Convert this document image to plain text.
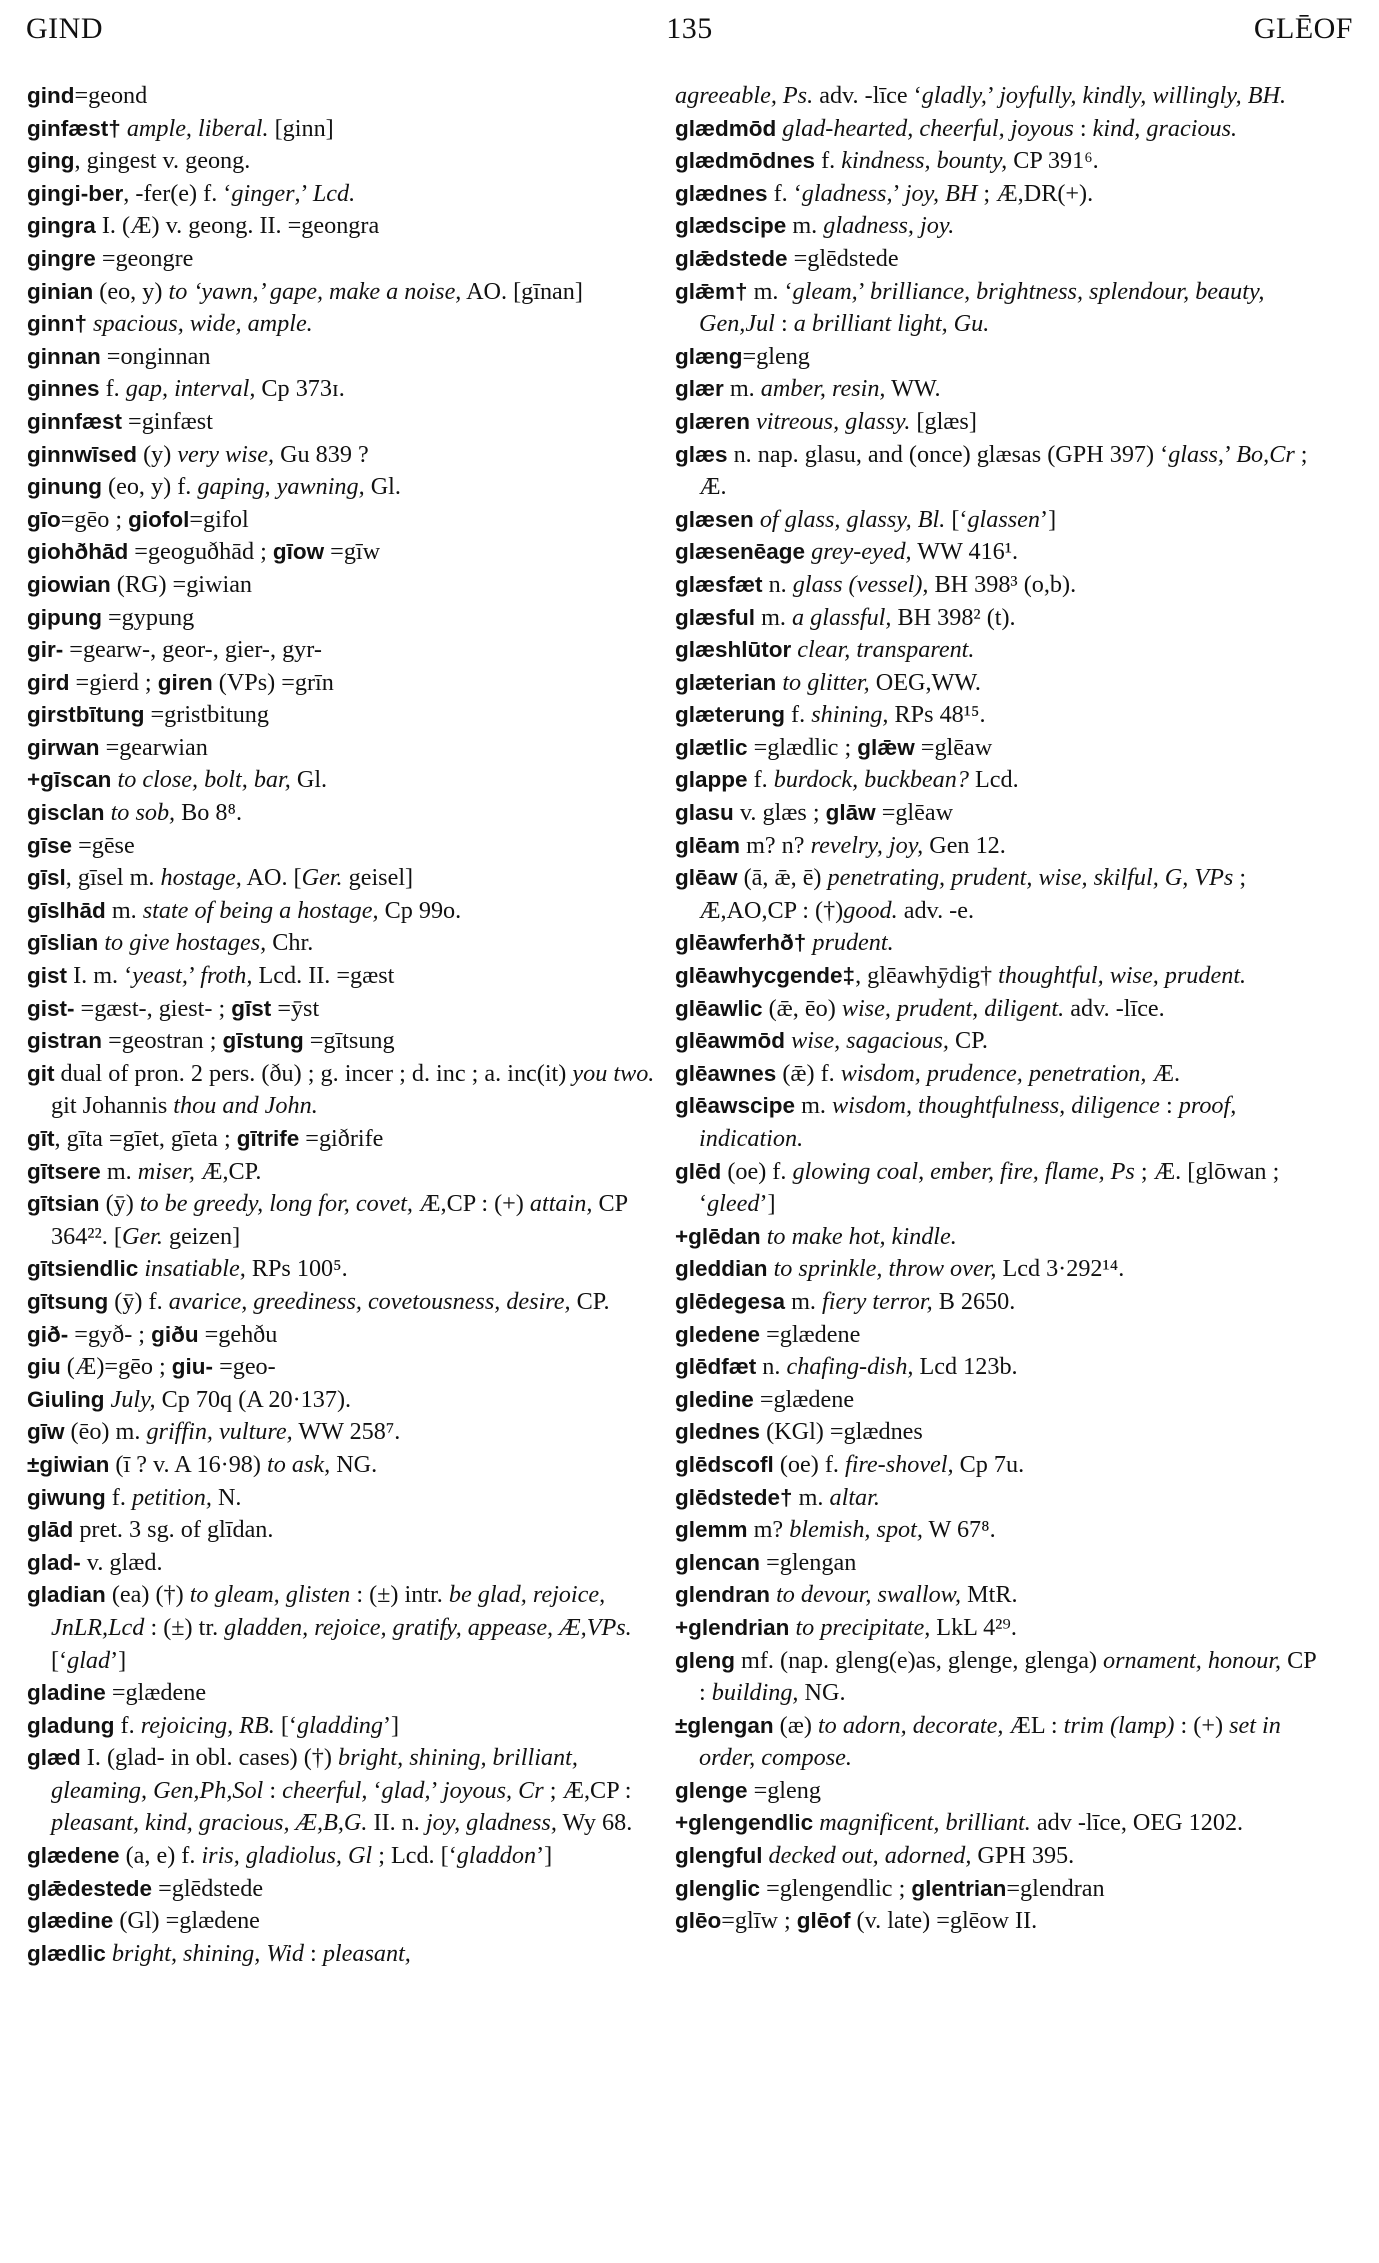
GIND	135	GLĒOF

gind=geond

ginfæst† ample, liberal. [ginn]

ging, gingest v. geong.

gingi-ber, -fer(e) f. ‘ginger,’ Lcd.

gingra I. (Æ) v. geong. II. =geongra

gingre =geongre

ginian (eo, y) to ‘yawn,’ gape, make a noise, AO. [gīnan]

ginn† spacious, wide, ample.

ginnan =onginnan

ginnes f. gap, interval, Cp 373ɪ.

ginnfæst =ginfæst

ginnwīsed (y) very wise, Gu 839 ?

ginung (eo, y) f. gaping, yawning, Gl.

gīo=gēo ; giofol=gifol

giohðhād =geoguðhād ; gīow =gīw

giowian (RG) =giwian

gipung =gypung

gir- =gearw-, geor-, gier-, gyr-

gird =gierd ; giren (VPs) =grīn

girstbītung =gristbitung

girwan =gearwian

+gīscan to close, bolt, bar, Gl.

gisclan to sob, Bo 8⁸.

gīse =gēse

gīsl, gīsel m. hostage, AO. [Ger. geisel]

gīslhād m. state of being a hostage, Cp 99o.

gīslian to give hostages, Chr.

gist I. m. ‘yeast,’ froth, Lcd. II. =gæst

gist- =gæst-, giest- ; gīst =ȳst

gistran =geostran ; gīstung =gītsung

git dual of pron. 2 pers. (ðu) ; g. incer ; d. inc ; a. inc(it) you two. git Johannis thou and John.

gīt, gīta =gīet, gīeta ; gītrife =giðrife

gītsere m. miser, Æ,CP.

gītsian (ȳ) to be greedy, long for, covet, Æ,CP : (+) attain, CP 364²². [Ger. geizen]

gītsiendlic insatiable, RPs 100⁵.

gītsung (ȳ) f. avarice, greediness, covetousness, desire, CP.

gið- =gyð- ; giðu =gehðu

giu (Æ)=gēo ; giu- =geo-

Giuling July, Cp 70q (A 20·137).

gīw (ēo) m. griffin, vulture, WW 258⁷.

±giwian (ī ? v. A 16·98) to ask, NG.

giwung f. petition, N.

glād pret. 3 sg. of glīdan.

glad- v. glæd.

gladian (ea) (†) to gleam, glisten : (±) intr. be glad, rejoice, JnLR,Lcd : (±) tr. gladden, rejoice, gratify, appease, Æ,VPs. [‘glad’]

gladine =glædene

gladung f. rejoicing, RB. [‘gladding’]

glæd I. (glad- in obl. cases) (†) bright, shining, brilliant, gleaming, Gen,Ph,Sol : cheerful, ‘glad,’ joyous, Cr ; Æ,CP : pleasant, kind, gracious, Æ,B,G. II. n. joy, gladness, Wy 68.

glædene (a, e) f. iris, gladiolus, Gl ; Lcd. [‘gladdon’]

glǣdestede =glēdstede

glædine (Gl) =glædene

glædlic bright, shining, Wid : pleasant,

agreeable, Ps. adv. -līce ‘gladly,’ joyfully, kindly, willingly, BH.

glædmōd glad-hearted, cheerful, joyous : kind, gracious.

glædmōdnes f. kindness, bounty, CP 391⁶.

glædnes f. ‘gladness,’ joy, BH ; Æ,DR(+).

glædscipe m. gladness, joy.

glǣdstede =glēdstede

glǣm† m. ‘gleam,’ brilliance, brightness, splendour, beauty, Gen,Jul : a brilliant light, Gu.

glæng=gleng

glær m. amber, resin, WW.

glæren vitreous, glassy. [glæs]

glæs n. nap. glasu, and (once) glæsas (GPH 397) ‘glass,’ Bo,Cr ; Æ.

glæsen of glass, glassy, Bl. [‘glassen’]

glæsenēage grey-eyed, WW 416¹.

glæsfæt n. glass (vessel), BH 398³ (o,b).

glæsful m. a glassful, BH 398² (t).

glæshlūtor clear, transparent.

glæterian to glitter, OEG,WW.

glæterung f. shining, RPs 48¹⁵.

glætlic =glædlic ; glǣw =glēaw

glappe f. burdock, buckbean? Lcd.

glasu v. glæs ; glāw =glēaw

glēam m? n? revelry, joy, Gen 12.

glēaw (ā, ǣ, ē) penetrating, prudent, wise, skilful, G, VPs ; Æ,AO,CP : (†)good. adv. -e.

glēawferhð† prudent.

glēawhycgende‡, glēawhȳdig† thoughtful, wise, prudent.

glēawlic (ǣ, ēo) wise, prudent, diligent. adv. -līce.

glēawmōd wise, sagacious, CP.

glēawnes (ǣ) f. wisdom, prudence, penetration, Æ.

glēawscipe m. wisdom, thoughtfulness, diligence : proof, indication.

glēd (oe) f. glowing coal, ember, fire, flame, Ps ; Æ. [glōwan ; ‘gleed’]

+glēdan to make hot, kindle.

gleddian to sprinkle, throw over, Lcd 3·292¹⁴.

glēdegesa m. fiery terror, B 2650.

gledene =glædene

glēdfæt n. chafing-dish, Lcd 123b.

gledine =glædene

glednes (KGl) =glædnes

glēdscofl (oe) f. fire-shovel, Cp 7u.

glēdstede† m. altar.

glemm m? blemish, spot, W 67⁸.

glencan =glengan

glendran to devour, swallow, MtR.

+glendrian to precipitate, LkL 4²⁹.

gleng mf. (nap. gleng(e)as, glenge, glenga) ornament, honour, CP : building, NG.

±glengan (æ) to adorn, decorate, ÆL : trim (lamp) : (+) set in order, compose.

glenge =gleng

+glengendlic magnificent, brilliant. adv -līce, OEG 1202.

glengful decked out, adorned, GPH 395.

glenglic =glengendlic ; glentrian=glendran

glēo=glīw ; glēof (v. late) =glēow II.
